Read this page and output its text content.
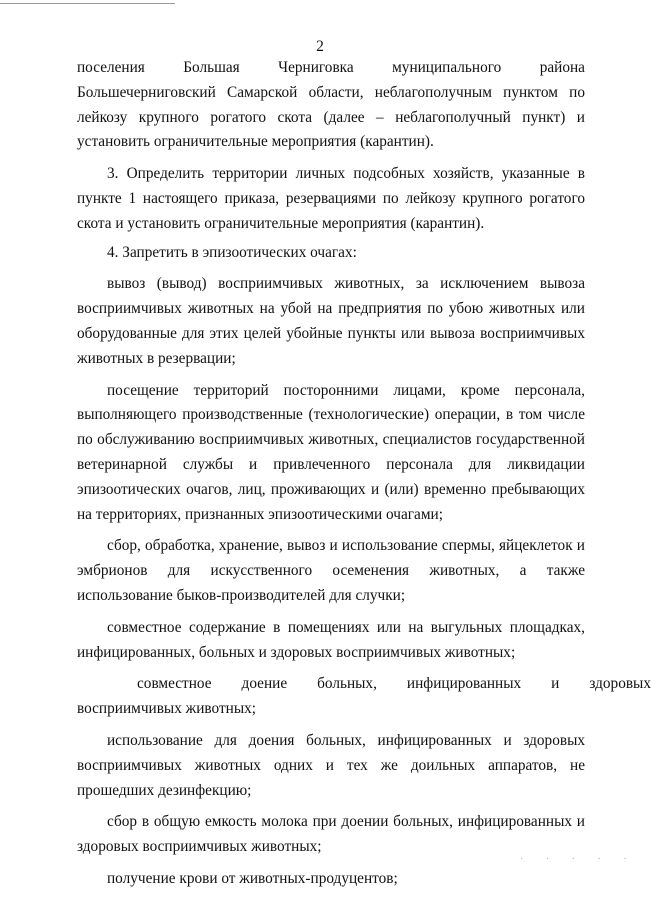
2
поселения	Большая	Черниговка	муниципального	района

Большечерниговский Самарской области, неблагополучным пунктом по лейкозу крупного рогатого скота (далее – неблагополучный пункт) и установить ограничительные мероприятия (карантин).

3. Определить территории личных подсобных хозяйств, указанные в пункте 1 настоящего приказа, резервациями по лейкозу крупного рогатого скота и установить ограничительные мероприятия (карантин).

4. Запретить в эпизоотических очагах:

вывоз (вывод) восприимчивых животных, за исключением вывоза восприимчивых животных на убой на предприятия по убою животных или оборудованные для этих целей убойные пункты или вывоза восприимчивых животных в резервации;

посещение территорий посторонними лицами, кроме персонала, выполняющего производственные (технологические) операции, в том числе по обслуживанию восприимчивых животных, специалистов государственной ветеринарной службы и привлеченного персонала для ликвидации эпизоотических очагов, лиц, проживающих и (или) временно пребывающих на территориях, признанных эпизоотическими очагами;

сбор, обработка, хранение, вывоз и использование спермы, яйцеклеток и эмбрионов для искусственного осеменения животных, а также использование быков-производителей для случки;

совместное содержание в помещениях или на выгульных площадках, инфицированных, больных и здоровых восприимчивых животных;

совместное	доение	больных,	инфицированных	и	здоровых

восприимчивых животных;

использование для доения больных, инфицированных и здоровых восприимчивых животных одних и тех же доильных аппаратов, не прошедших дезинфекцию;

сбор в общую емкость молока при доении больных, инфицированных и здоровых восприимчивых животных;

получение крови от животных-продуцентов;

· · · · ·
